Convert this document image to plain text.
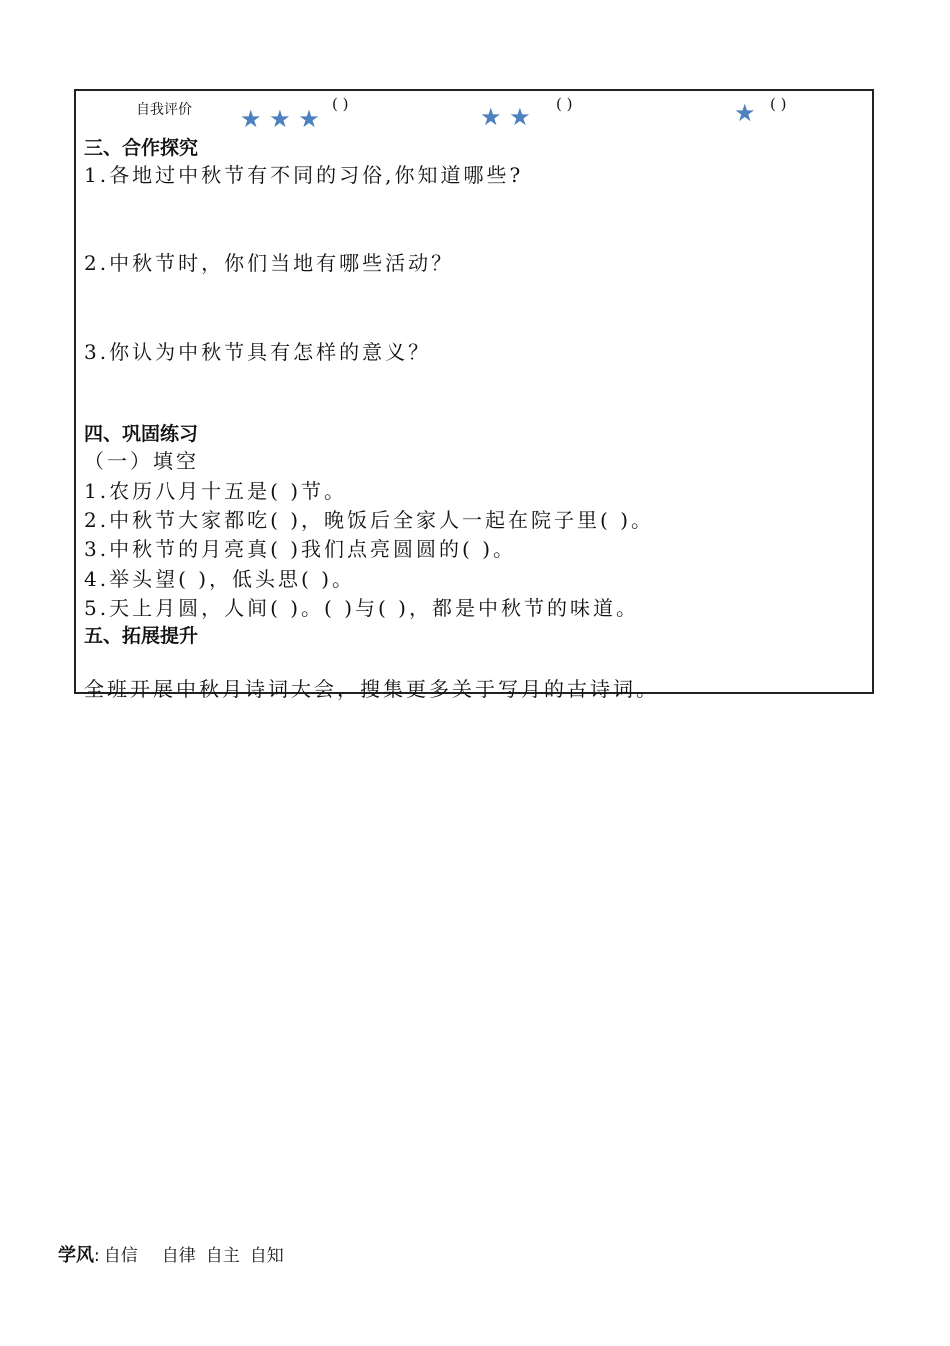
自我评价 ★ ★ ★
( )	★ ★ ( )	★ ( )
三、合作探究
1.各地过中秋节有不同的习俗,你知道哪些?
2.中秋节时，你们当地有哪些活动？
3.你认为中秋节具有怎样的意义？
四、巩固练习
（一）填空
1.农历八月十五是( )节。
2.中秋节大家都吃( )，晚饭后全家人一起在院子里( )。
3.中秋节的月亮真( )我们点亮圆圆的( )。
4.举头望( )，低头思( )。
5.天上月圆，人间( )。( )与( )，都是中秋节的味道。
五、拓展提升
全班开展中秋月诗词大会，搜集更多关于写月的古诗词。
学风: 自信 自律 自主 自知
